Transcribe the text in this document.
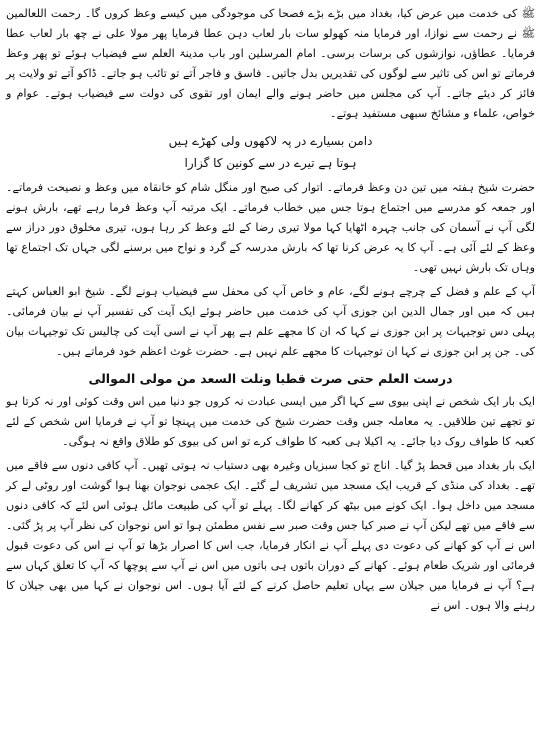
ﷺ کی خدمت میں عرض کیا، بغداد میں بڑے بڑے فصحا کی موجودگی میں کیسے وعظ کروں گا۔ رحمت اللعالمین ﷺ نے رحمت سے نوازا، اور فرمایا منہ کھولو سات بار لعاب دہن عطا فرمایا پھر مولا علی نے چھ بار لعاب عطا فرمایا۔ عطاؤں، نوازشوں کی برسات برسی۔ امام المرسلین اور باب مدینۃ العلم سے فیضیاب ہوئے تو پھر وعظ فرماتے تو اس کی تاثیر سے لوگوں کی تقدیریں بدل جاتیں۔ فاسق و فاجر آتے تو تائب ہو جاتے۔ ڈاکو آتے تو ولایت پر فائز کر دیئے جاتے۔ آپ کی مجلس میں حاضر ہونے والے ایمان اور تقوی کی دولت سے فیضیاب ہوتے۔ عوام و خواص، علماء و مشائخ سبھی مستفید ہوتے۔

دامن بسیارے در پہ لاکھوں ولی کھڑے ہیں
ہوتا ہے تیرے در سے کونین کا گزارا

حضرت شیخ ہفتہ میں تین دن وعظ فرماتے۔ اتوار کی صبح اور منگل شام کو خانقاہ میں وعظ و نصیحت فرماتے۔ اور جمعہ کو مدرسے میں اجتماع ہوتا جس میں خطاب فرماتے۔ ایک مرتبہ آپ وعظ فرما رہے تھے، بارش ہونے لگی آپ نے آسمان کی جانب چہرہ اٹھایا کہا مولا تیری رضا کے لئے وعظ کر رہا ہوں، تیری مخلوق دور دراز سے وعظ کے لئے آئی ہے۔ آپ کا یہ عرض کرنا تھا کہ بارش مدرسہ کے گرد و نواح میں برسنے لگی جہاں تک اجتماع تھا وہاں تک بارش نہیں تھی۔

آپ کے علم و فضل کے چرچے ہونے لگے، عام و خاص آپ کی محفل سے فیضیاب ہونے لگے۔ شیخ ابو العباس کہتے ہیں کہ میں اور جمال الدین ابن جوزی آپ کی خدمت میں حاضر ہوئے ایک آیت کی تفسیر آپ نے بیان فرمائی۔ پہلی دس توجیہات پر ابن جوزی نے کہا کہ ان کا مجھے علم ہے پھر آپ نے اسی آیت کی چالیس تک توجیہات بیان کی۔ جن پر ابن جوزی نے کہا ان توجیہات کا مجھے علم نہیں ہے۔ حضرت غوث اعظم خود فرماتے ہیں۔

درست العلم حتی صرت قطبا ونلت السعد من مولی الموالی

ایک بار ایک شخص نے اپنی بیوی سے کہا اگر میں ایسی عبادت نہ کروں جو دنیا میں اس وقت کوئی اور نہ کرتا ہو تو تجھے تین طلاقیں۔ یہ معاملہ جس وقت حضرت شیخ کی خدمت میں پہنچا تو آپ نے فرمایا اس شخص کے لئے کعبہ کا طواف روک دیا جائے۔ یہ اکیلا ہی کعبہ کا طواف کرے تو اس کی بیوی کو طلاق واقع نہ ہوگی۔

ایک بار بغداد میں قحط پڑ گیا۔ اناج تو کجا سبزیاں وغیرہ بھی دستیاب نہ ہوتی تھیں۔ آپ کافی دنوں سے فاقے میں تھے۔ بغداد کی منڈی کے قریب ایک مسجد میں تشریف لے گئے۔ ایک عجمی نوجوان بھنا ہوا گوشت اور روٹی لے کر مسجد میں داخل ہوا۔ ایک کونے میں بیٹھ کر کھانے لگا۔ پہلے تو آپ کی طبیعت مائل ہوئی اس لئے کہ کافی دنوں سے فاقے میں تھے لیکن آپ نے صبر کیا جس وقت صبر سے نفس مطمئن ہوا تو اس نوجوان کی نظر آپ پر پڑ گئی۔ اس نے آپ کو کھانے کی دعوت دی پہلے آپ نے انکار فرمایا، جب اس کا اصرار بڑھا تو آپ نے اس کی دعوت قبول فرمائی اور شریک طعام ہوئے۔ کھانے کے دوران باتوں ہی باتوں میں اس نے آپ سے پوچھا کہ آپ کا تعلق کہاں سے ہے؟ آپ نے فرمایا میں جیلان سے یہاں تعلیم حاصل کرنے کے لئے آیا ہوں۔ اس نوجوان نے کہا میں بھی جیلان کا رہنے والا ہوں۔ اس نے
